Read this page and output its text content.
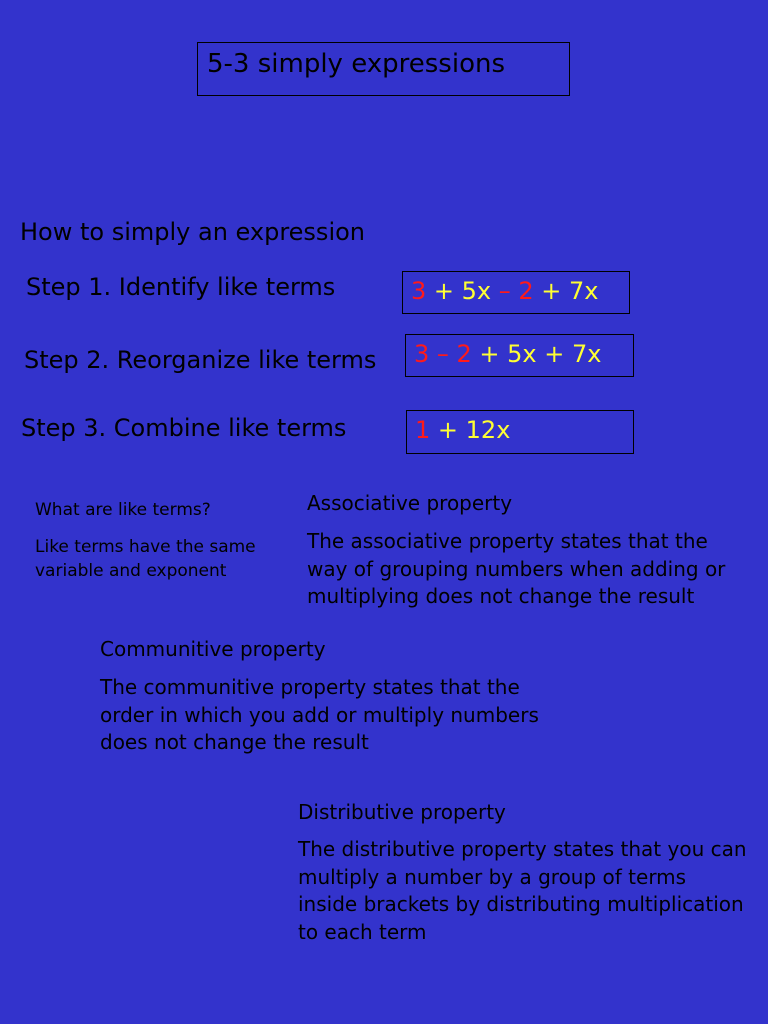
5-3 simply expressions
How to simply an expression
Step 1. Identify like terms	3 + 5x – 2 + 7x
Step 2. Reorganize like terms 3 – 2 + 5x + 7x
Step 3. Combine like terms	1 + 12x
What are like terms?
Like terms have the same variable and exponent
Associative property
The associative property states that the way of grouping numbers when adding or multiplying does not change the result
Communitive property
The communitive property states that the order in which you add or multiply numbers does not change the result
Distributive property
The distributive property states that you can multiply a number by a group of terms inside brackets by distributing multiplication to each term
